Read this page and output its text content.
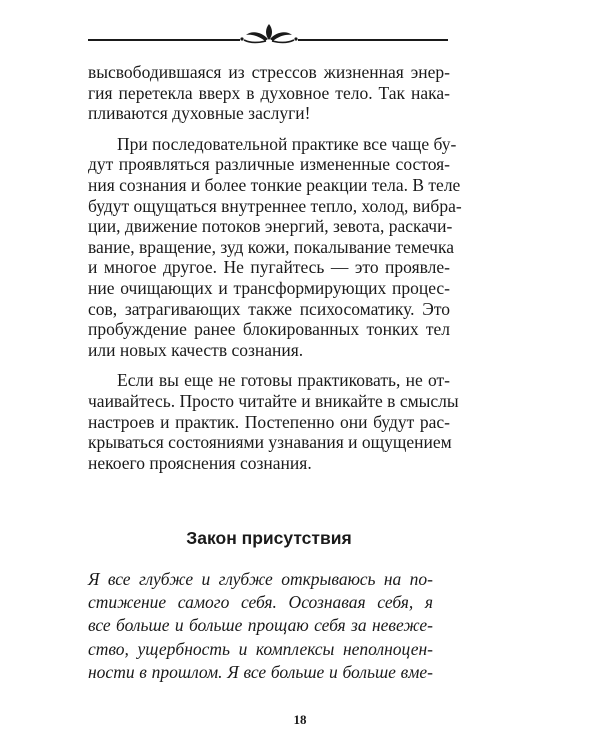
высвободившаяся из стрессов жизненная энер-
гия перетекла вверх в духовное тело. Так нака-
пливаются духовные заслуги!
При последовательной практике все чаще бу-
дут проявляться различные измененные состоя-
ния сознания и более тонкие реакции тела. В теле
будут ощущаться внутреннее тепло, холод, вибра-
ции, движение потоков энергий, зевота, раскачи-
вание, вращение, зуд кожи, покалывание темечка
и многое другое. Не пугайтесь — это проявле-
ние очищающих и трансформирующих процес-
сов, затрагивающих также психосоматику. Это
пробуждение ранее блокированных тонких тел
или новых качеств сознания.
Если вы еще не готовы практиковать, не от-
чаивайтесь. Просто читайте и вникайте в смыслы
настроев и практик. Постепенно они будут рас-
крываться состояниями узнавания и ощущением
некоего прояснения сознания.
Закон присутствия
Я все глубже и глубже открываюсь на по-
стижение самого себя. Осознавая себя, я
все больше и больше прощаю себя за невеже-
ство, ущербность и комплексы неполноцен-
ности в прошлом. Я все больше и больше вме-
18
